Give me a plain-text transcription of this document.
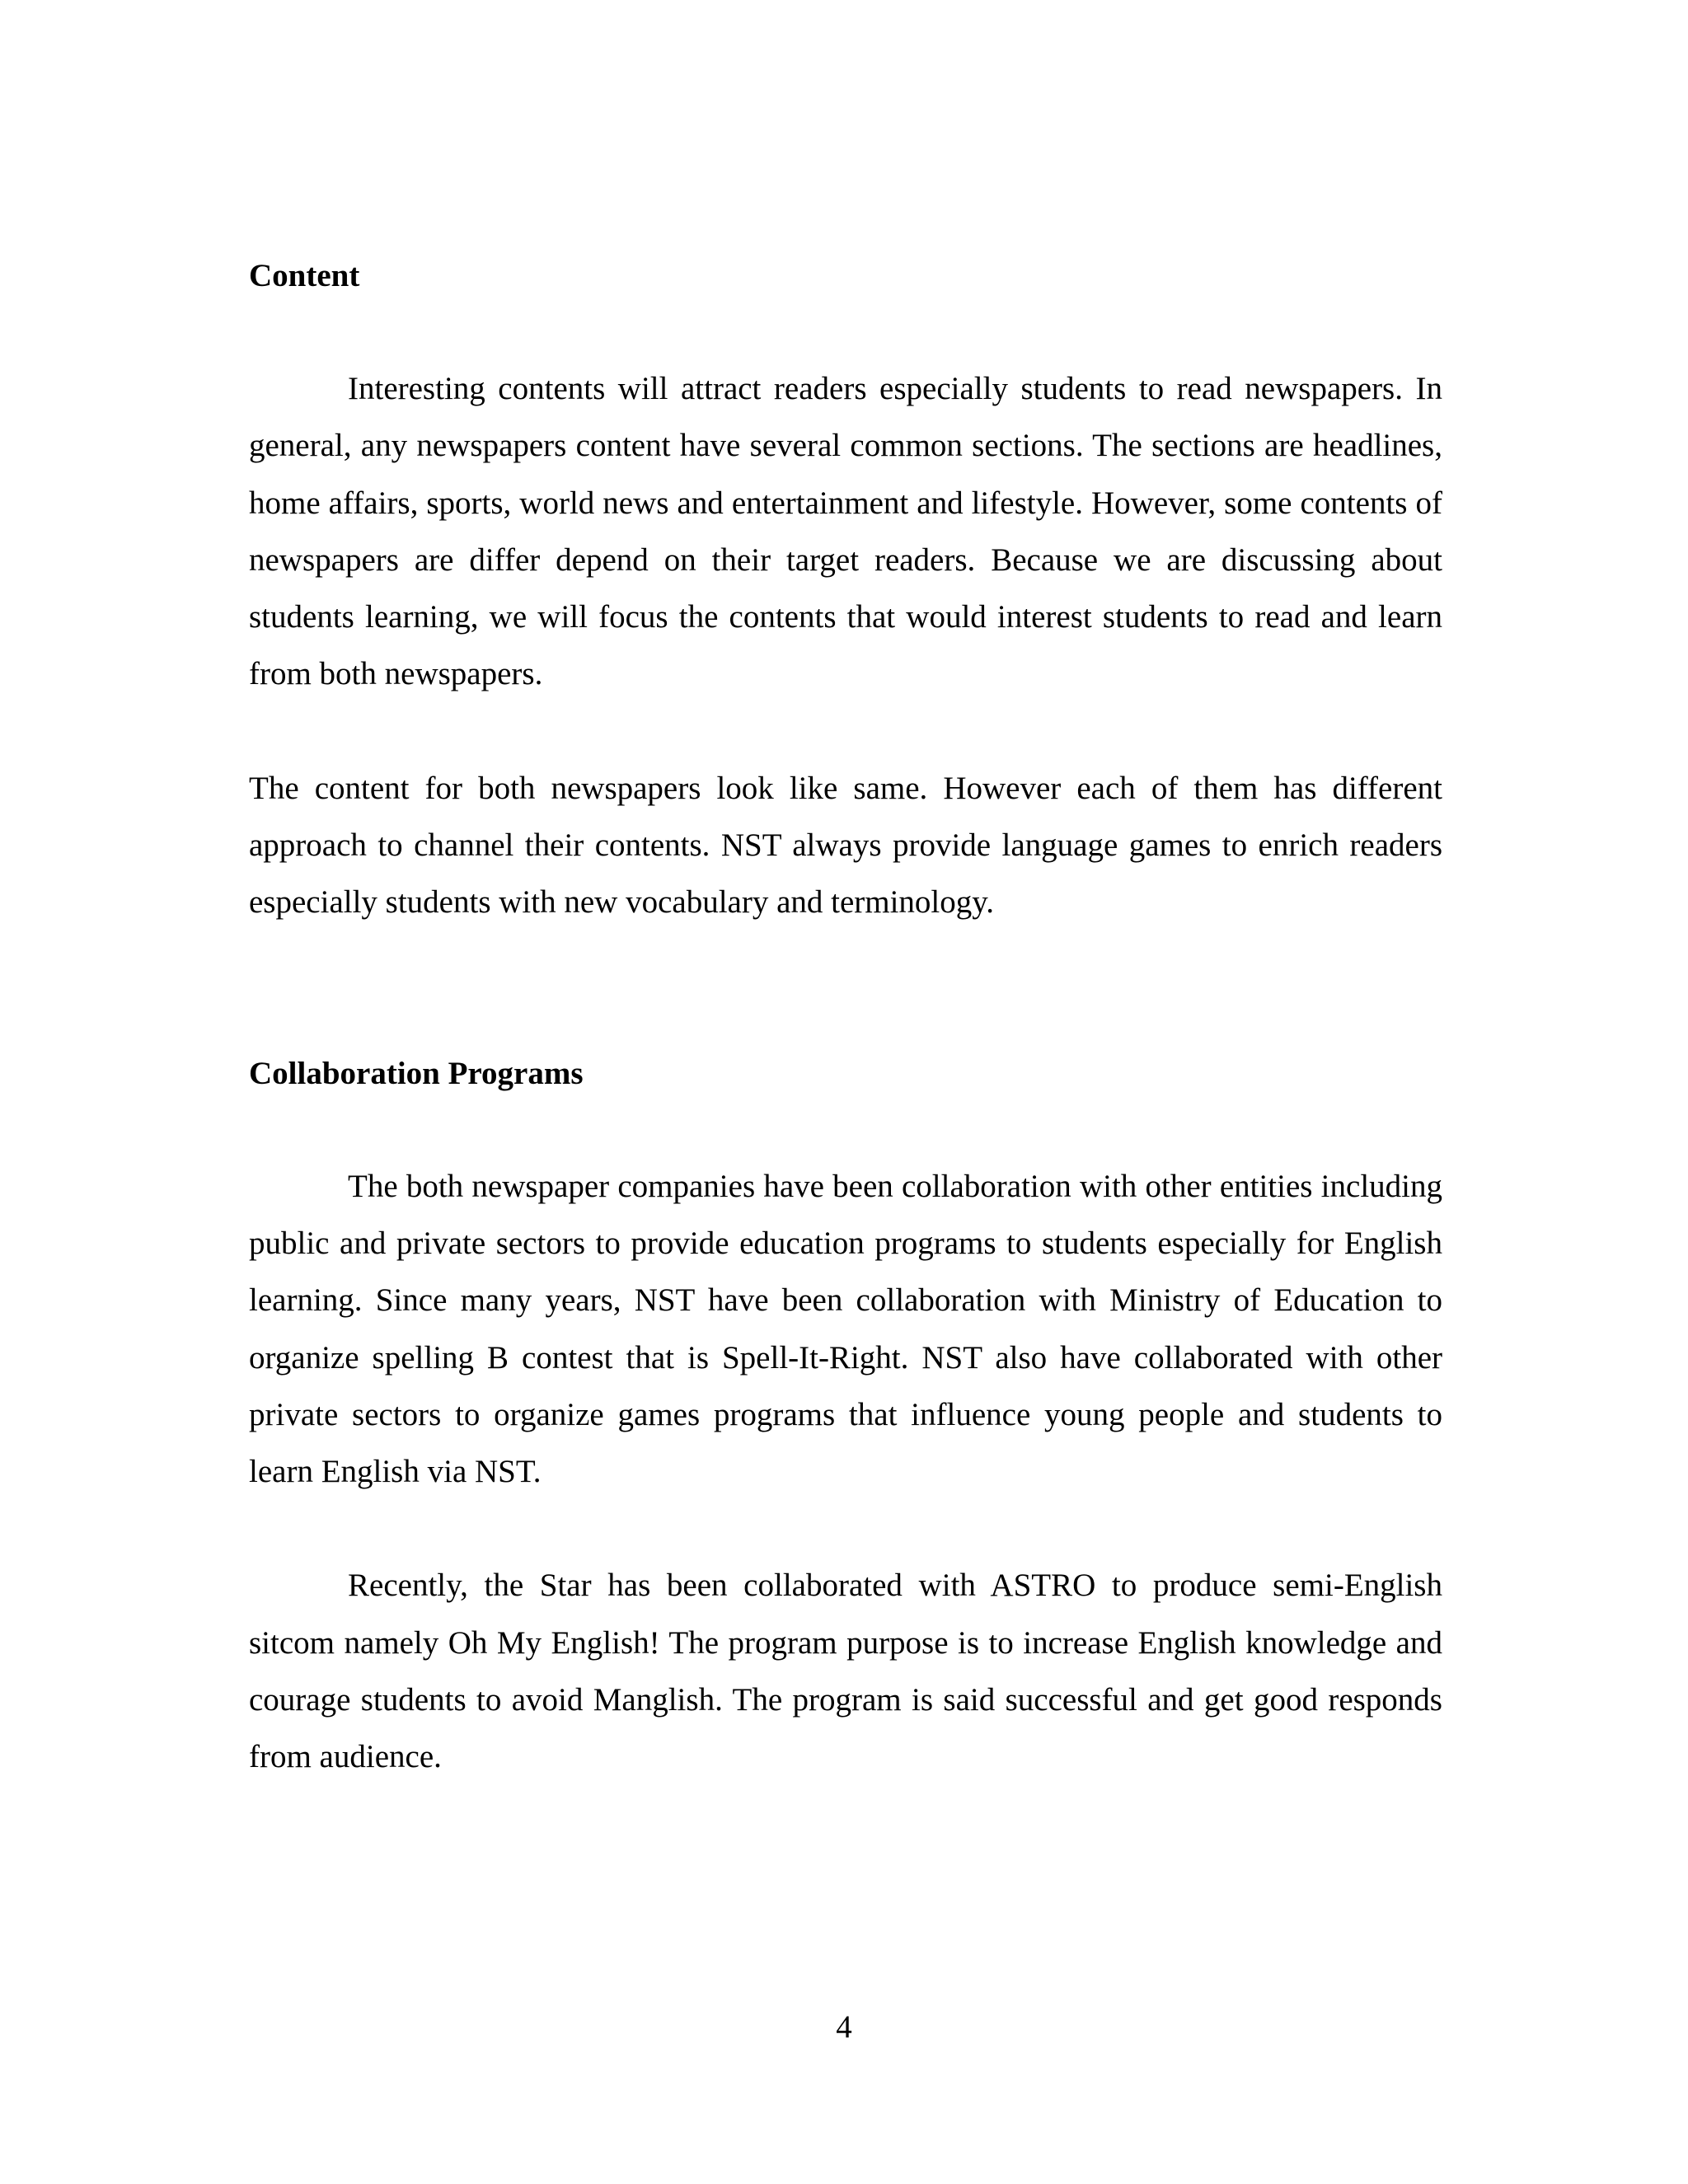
Content

Interesting contents will attract readers especially students to read newspapers. In general, any newspapers content have several common sections. The sections are headlines, home affairs, sports, world news and entertainment and lifestyle. However, some contents of newspapers are differ depend on their target readers. Because we are discussing about students learning, we will focus the contents that would interest students to read and learn from both newspapers.

The content for both newspapers look like same. However each of them has different approach to channel their contents. NST always provide language games to enrich readers especially students with new vocabulary and terminology.

Collaboration Programs

The both newspaper companies have been collaboration with other entities including public and private sectors to provide education programs to students especially for English learning. Since many years, NST have been collaboration with Ministry of Education to organize spelling B contest that is Spell-It-Right. NST also have collaborated with other private sectors to organize games programs that influence young people and students to learn English via NST.

Recently, the Star has been collaborated with ASTRO to produce semi-English sitcom namely Oh My English! The program purpose is to increase English knowledge and courage students to avoid Manglish. The program is said successful and get good responds from audience.

4
